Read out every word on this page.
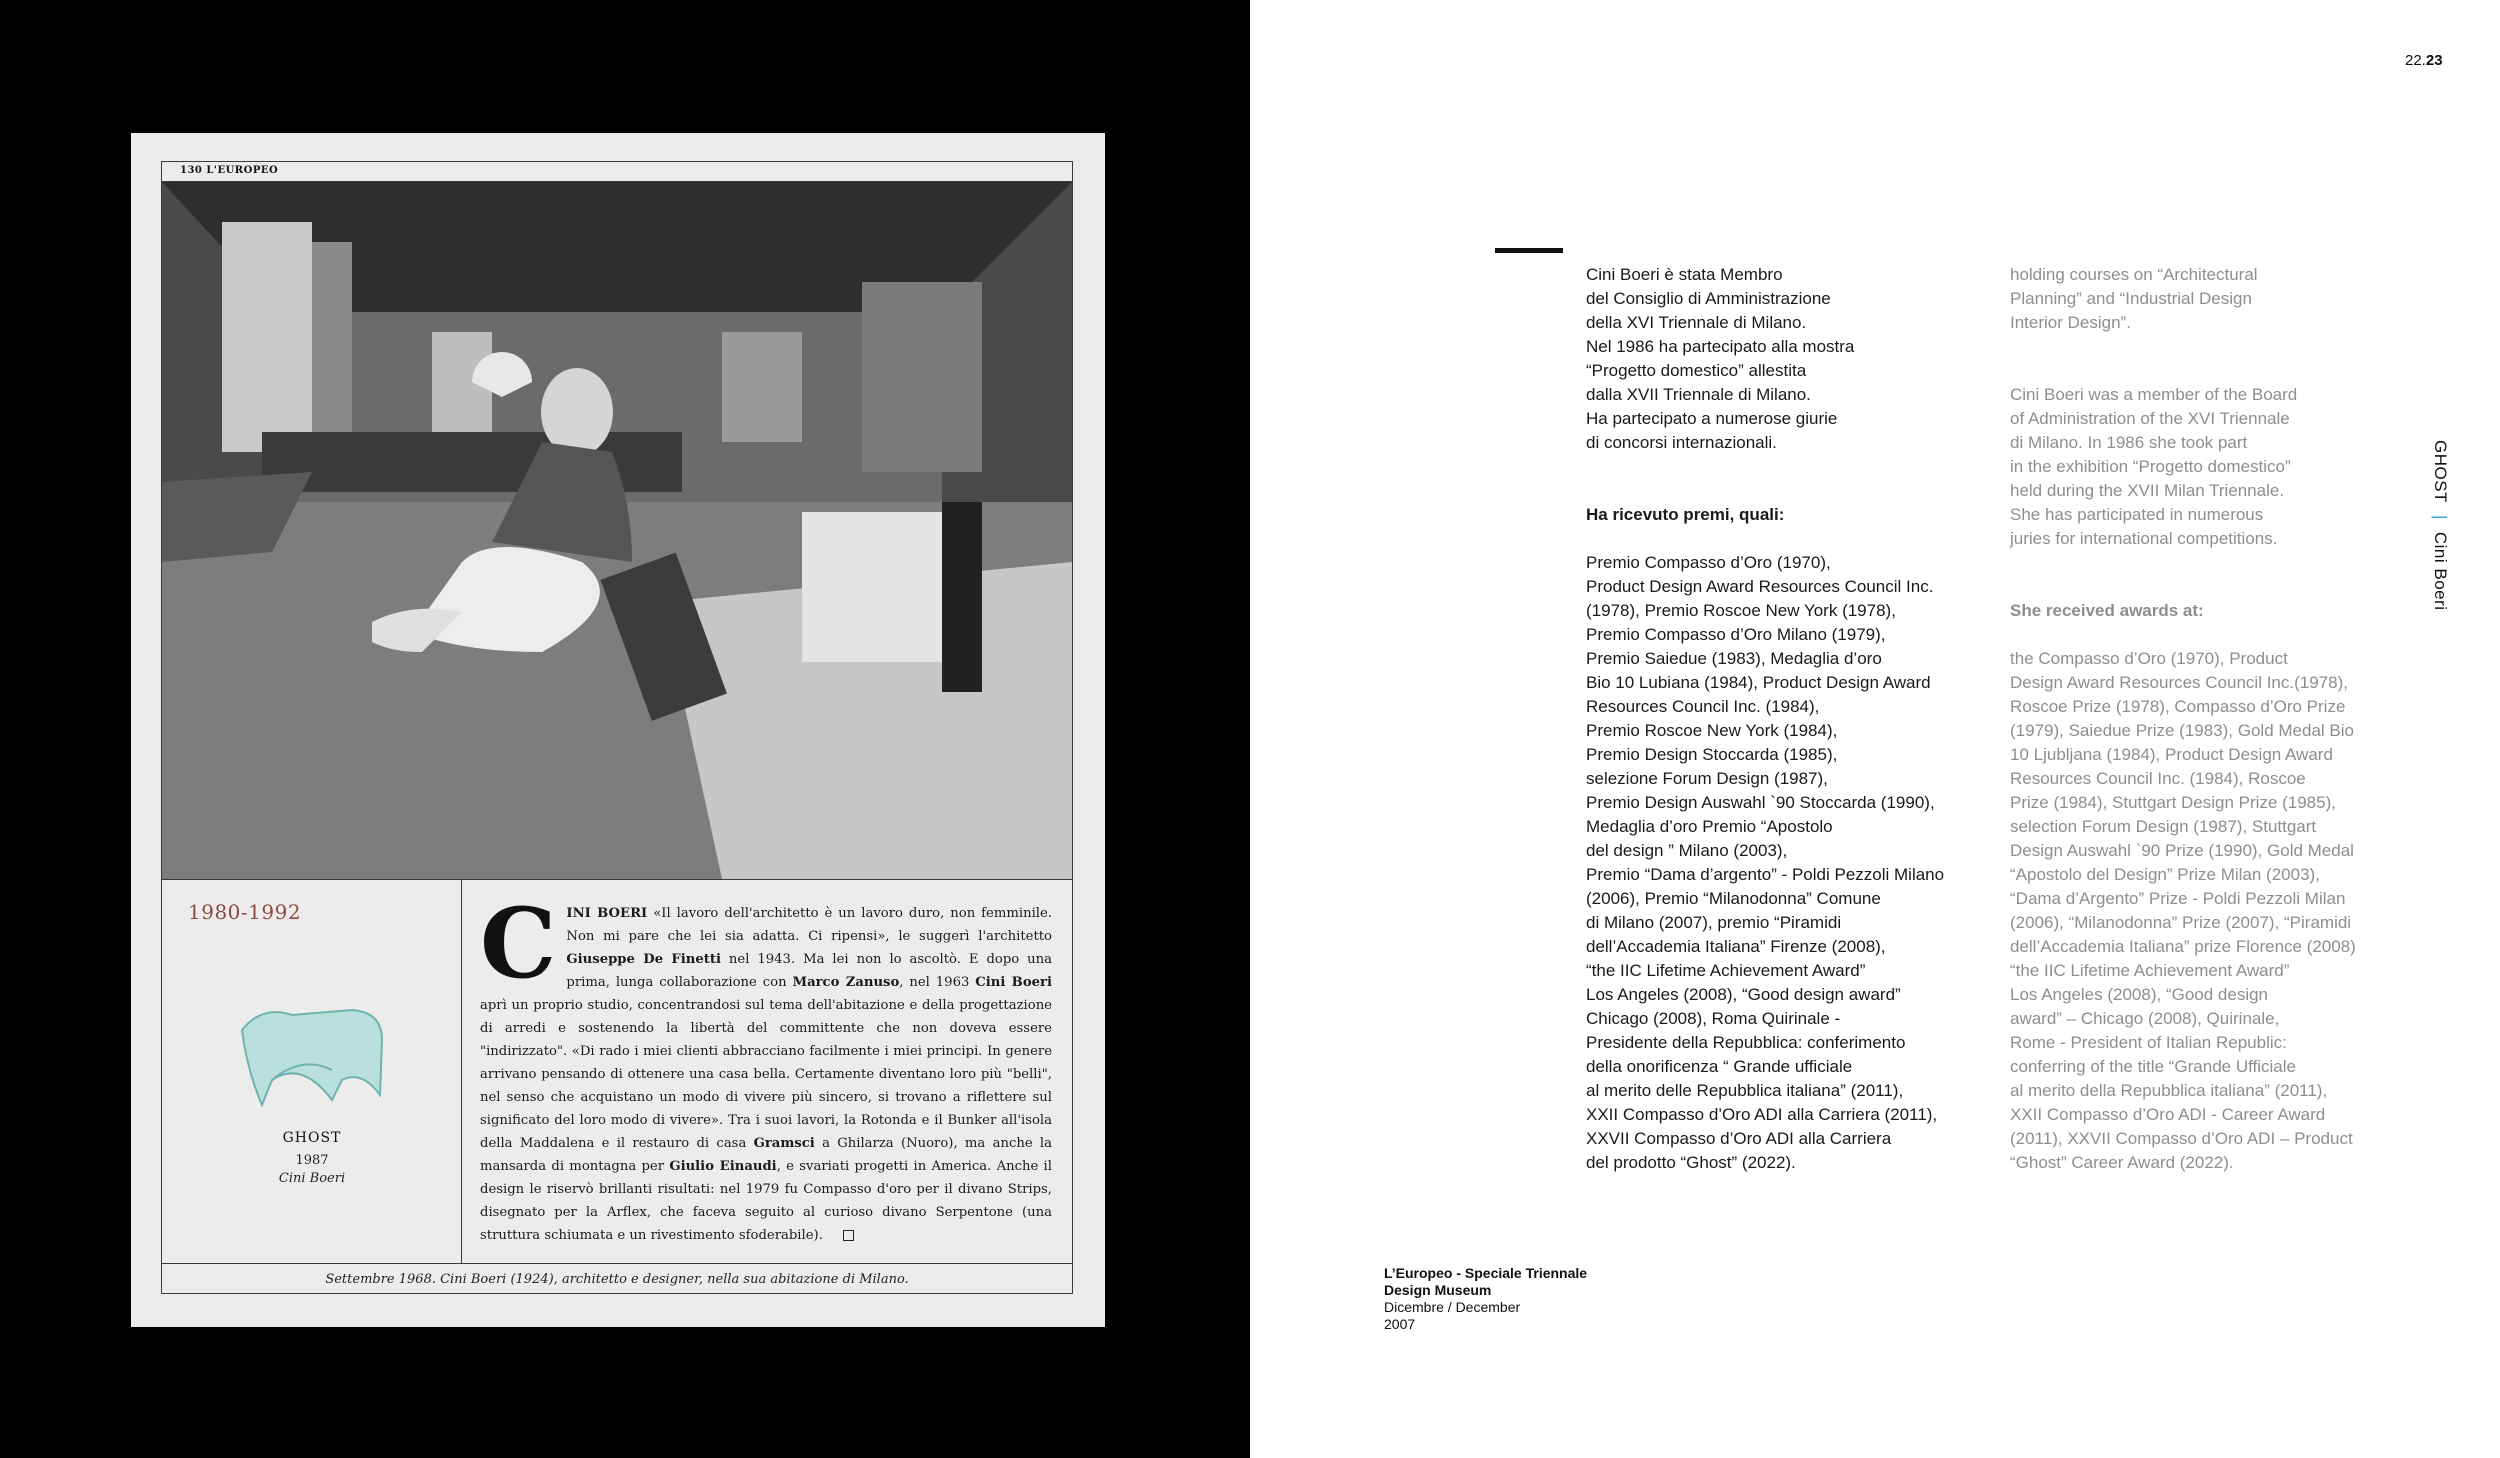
130 L'EUROPEO
1980-1992
GHOST
1987
Cini Boeri
CINI BOERI «Il lavoro dell'architetto è un lavoro duro, non femminile. Non mi pare che lei sia adatta. Ci ripensi», le suggerì l'architetto Giuseppe De Finetti nel 1943. Ma lei non lo ascoltò. E dopo una prima, lunga collaborazione con Marco Zanuso, nel 1963 Cini Boeri aprì un proprio studio, concentrandosi sul tema dell'abitazione e della progettazione di arredi e sostenendo la libertà del committente che non doveva essere "indirizzato". «Di rado i miei clienti abbracciano facilmente i miei principi. In genere arrivano pensando di ottenere una casa bella. Certamente diventano loro più "belli", nel senso che acquistano un modo di vivere più sincero, si trovano a riflettere sul significato del loro modo di vivere». Tra i suoi lavori, la Rotonda e il Bunker all'isola della Maddalena e il restauro di casa Gramsci a Ghilarza (Nuoro), ma anche la mansarda di montagna per Giulio Einaudi, e svariati progetti in America. Anche il design le riservò brillanti risultati: nel 1979 fu Compasso d'oro per il divano Strips, disegnato per la Arflex, che faceva seguito al curioso divano Serpentone (una struttura schiumata e un rivestimento sfoderabile).
Settembre 1968. Cini Boeri (1924), architetto e designer, nella sua abitazione di Milano.
22.23

Cini Boeri è stata Membro
del Consiglio di Amministrazione
della XVI Triennale di Milano.
Nel 1986 ha partecipato alla mostra
“Progetto domestico” allestita
dalla XVII Triennale di Milano.
Ha partecipato a numerose giurie
di concorsi internazionali.

Ha ricevuto premi, quali:

Premio Compasso d’Oro (1970),
Product Design Award Resources Council Inc.
(1978), Premio Roscoe New York (1978),
Premio Compasso d’Oro Milano (1979),
Premio Saiedue (1983), Medaglia d’oro
Bio 10 Lubiana (1984), Product Design Award
Resources Council Inc. (1984),
Premio Roscoe New York (1984),
Premio Design Stoccarda (1985),
selezione Forum Design (1987),
Premio Design Auswahl `90 Stoccarda (1990),
Medaglia d’oro Premio “Apostolo
del design ” Milano (2003),
Premio “Dama d’argento” - Poldi Pezzoli Milano
(2006), Premio “Milanodonna” Comune
di Milano (2007), premio “Piramidi
dell’Accademia Italiana” Firenze (2008),
“the IIC Lifetime Achievement Award”
Los Angeles (2008), “Good design award”
Chicago (2008), Roma Quirinale -
Presidente della Repubblica: conferimento
della onorificenza “ Grande ufficiale
al merito delle Repubblica italiana” (2011),
XXII Compasso d’Oro ADI alla Carriera (2011),
XXVII Compasso d’Oro ADI alla Carriera
del prodotto “Ghost” (2022).

holding courses on “Architectural
Planning” and “Industrial Design
Interior Design”.

Cini Boeri was a member of the Board
of Administration of the XVI Triennale
di Milano. In 1986 she took part
in the exhibition “Progetto domestico”
held during the XVII Milan Triennale.
She has participated in numerous
juries for international competitions.

She received awards at:

the Compasso d’Oro (1970), Product
Design Award Resources Council Inc.(1978),
Roscoe Prize (1978), Compasso d’Oro Prize
(1979), Saiedue Prize (1983), Gold Medal Bio
10 Ljubljana (1984), Product Design Award
Resources Council Inc. (1984), Roscoe
Prize (1984), Stuttgart Design Prize (1985),
selection Forum Design (1987), Stuttgart
Design Auswahl `90 Prize (1990), Gold Medal
“Apostolo del Design” Prize Milan (2003),
“Dama d’Argento” Prize - Poldi Pezzoli Milan
(2006), “Milanodonna” Prize (2007), “Piramidi
dell’Accademia Italiana” prize Florence (2008)
“the IIC Lifetime Achievement Award”
Los Angeles (2008), “Good design
award” – Chicago (2008), Quirinale,
Rome - President of Italian Republic:
conferring of the title “Grande Ufficiale
al merito della Repubblica italiana” (2011),
XXII Compasso d’Oro ADI - Career Award
(2011), XXVII Compasso d’Oro ADI – Product
“Ghost” Career Award (2022).

GHOST|Cini Boeri
L’Europeo - Speciale Triennale
Design Museum
Dicembre / December
2007
